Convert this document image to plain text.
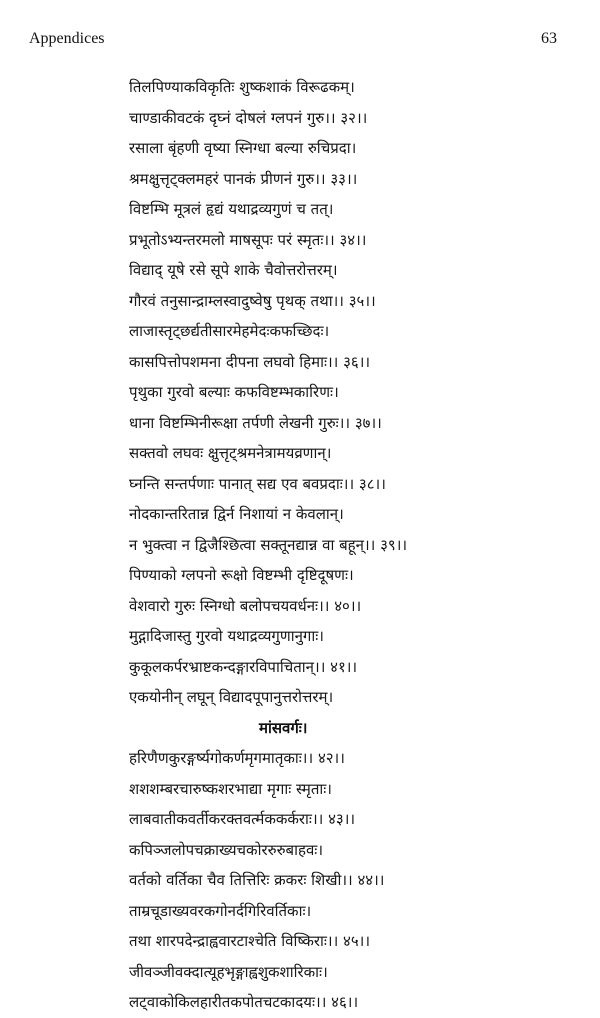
Appendices	63
तिलपिण्याकविकृतिः शुष्कशाकं विरूढकम्।
चाण्डाकीवटकं दृघ्नं दोषलं ग्लपनं गुरु।। ३२।।
रसाला बृंहणी वृष्या स्निग्धा बल्या रुचिप्रदा।
श्रमक्षुत्तृट्क्लमहरं पानकं प्रीणनं गुरु।। ३३।।
विष्टम्भि मूत्रलं हृद्यं यथाद्रव्यगुणं च तत्।
प्रभूतोऽभ्यन्तरमलो माषसूपः परं स्मृतः।। ३४।।
विद्याद् यूषे रसे सूपे शाके चैवोत्तरोत्तरम्।
गौरवं तनुसान्द्राम्लस्वादुष्वेषु पृथक् तथा।। ३५।।
लाजास्तृट्छर्द्यतीसारमेहमेदःकफच्छिदः।
कासपित्तोपशमना दीपना लघवो हिमाः।। ३६।।
पृथुका गुरवो बल्याः कफविष्टम्भकारिणः।
धाना विष्टम्भिनीरूक्षा तर्पणी लेखनी गुरुः।। ३७।।
सक्तवो लघवः क्षुत्तृट्श्रमनेत्रामयव्रणान्।
घ्नन्ति सन्तर्पणाः पानात् सद्य एव बवप्रदाः।। ३८।।
नोदकान्तरितान्न द्विर्न निशायां न केवलान्।
न भुक्त्वा न द्विजैश्छित्वा सक्तूनद्यान्न वा बहून्।। ३९।।
पिण्याको ग्लपनो रूक्षो विष्टम्भी दृष्टिदूषणः।
वेशवारो गुरुः स्निग्धो बलोपचयवर्धनः।। ४०।।
मुद्गादिजास्तु गुरवो यथाद्रव्यगुणानुगाः।
कुकूलकर्परभ्राष्टकन्दङ्गारविपाचितान्।। ४१।।
एकयोनीन् लघून् विद्यादपूपानुत्तरोत्तरम्।
मांसवर्गः।
हरिणैणकुरङ्गर्ष्यगोकर्णमृगमातृकाः।। ४२।।
शशशम्बरचारुष्कशरभाद्या मृगाः स्मृताः।
लाबवातीकवर्तीकरक्तवर्त्मककर्कराः।। ४३।।
कपिञ्जलोपचक्राख्यचकोररुरुबाहवः।
वर्तको वर्तिका चैव तित्तिरिः क्रकरः शिखी।। ४४।।
ताम्रचूडाख्यवरकगोनर्दगिरिवर्तिकाः।
तथा शारपदेन्द्राह्ववारटाश्चेति विष्किराः।। ४५।।
जीवञ्जीवक्दात्यूहभृङ्गाह्वशुकशारिकाः।
लट्वाकोकिलहारीतकपोतचटकादयः।। ४६।।
